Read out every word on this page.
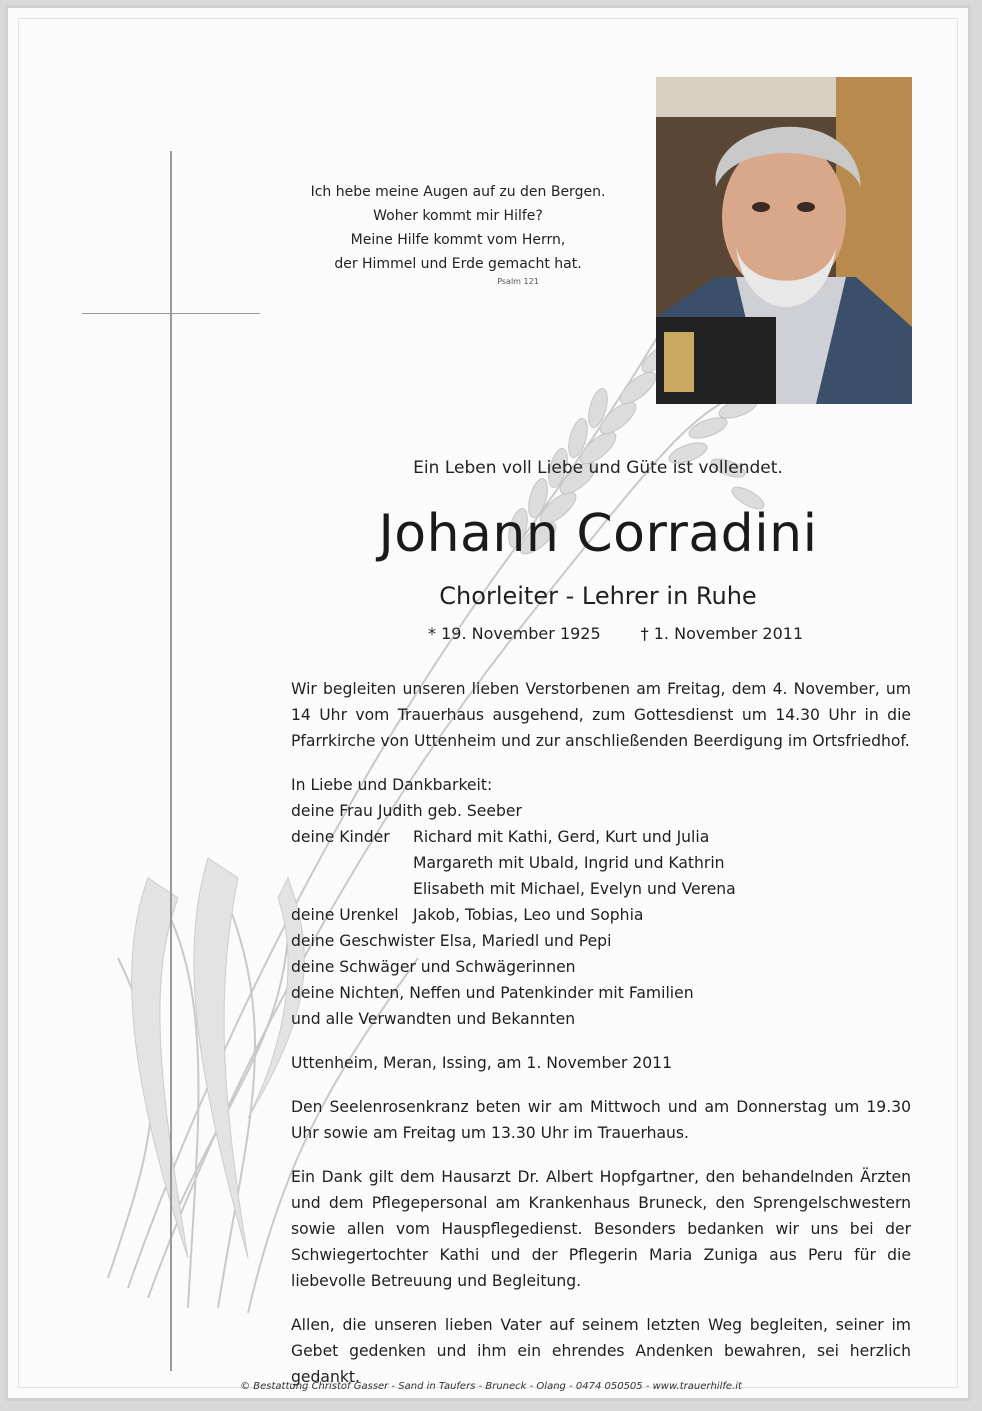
Ich hebe meine Augen auf zu den Bergen.
Woher kommt mir Hilfe?
Meine Hilfe kommt vom Herrn,
der Himmel und Erde gemacht hat.
Psalm 121
Ein Leben voll Liebe und Güte ist vollendet.
Johann Corradini
Chorleiter - Lehrer in Ruhe
* 19. November 1925	† 1. November 2011

Wir begleiten unseren lieben Verstorbenen am Freitag, dem 4. November, um 14 Uhr vom Trauerhaus ausgehend, zum Gottesdienst um 14.30 Uhr in die Pfarrkirche von Uttenheim und zur anschließenden Beerdigung im Ortsfriedhof.

In Liebe und Dankbarkeit:
deine Frau Judith geb. Seeber
deine Kinder	Richard mit Kathi, Gerd, Kurt und Julia
Margareth mit Ubald, Ingrid und Kathrin
Elisabeth mit Michael, Evelyn und Verena
deine Urenkel Jakob, Tobias, Leo und Sophia
deine Geschwister Elsa, Mariedl und Pepi
deine Schwäger und Schwägerinnen
deine Nichten, Neffen und Patenkinder mit Familien
und alle Verwandten und Bekannten
Uttenheim, Meran, Issing, am 1. November 2011

Den Seelenrosenkranz beten wir am Mittwoch und am Donnerstag um 19.30 Uhr sowie am Freitag um 13.30 Uhr im Trauerhaus.

Ein Dank gilt dem Hausarzt Dr. Albert Hopfgartner, den behandelnden Ärzten und dem Pflegepersonal am Krankenhaus Bruneck, den Sprengelschwestern sowie allen vom Hauspflegedienst. Besonders bedanken wir uns bei der Schwiegertochter Kathi und der Pflegerin Maria Zuniga aus Peru für die liebevolle Betreuung und Begleitung.

Allen, die unseren lieben Vater auf seinem letzten Weg begleiten, seiner im Gebet gedenken und ihm ein ehrendes Andenken bewahren, sei herzlich gedankt.

© Bestattung Christof Gasser - Sand in Taufers - Bruneck - Olang - 0474 050505 - www.trauerhilfe.it
